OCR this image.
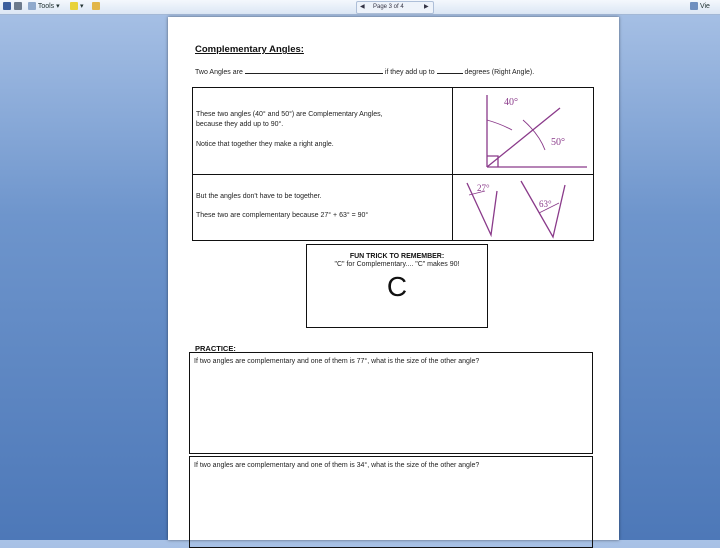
Tools ▾	▾	◀ Page 3 of 4	▶	Vie
Complementary Angles:
Two Angles are	if they add up to	degrees (Right Angle).
These two angles (40° and 50°) are Complementary Angles,
because they add up to 90°.
Notice that together they make a right angle.
40°
50°
But the angles don't have to be together.
These two are complementary because 27° + 63° = 90°
27°
63°
FUN TRICK TO REMEMBER:
"C" for Complementary.... "C" makes 90!
C
PRACTICE:
If two angles are complementary and one of them is 77°, what is the size of the other angle?
If two angles are complementary and one of them is 34°, what is the size of the other angle?
